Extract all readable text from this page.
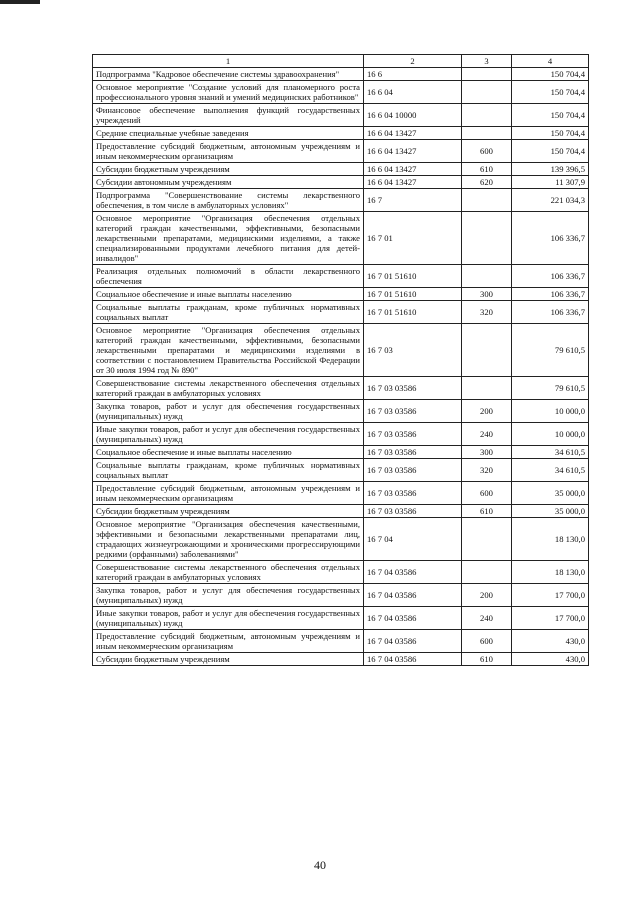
1	2	3	4
Подпрограмма "Кадровое обеспечение системы здравоохранения"	16 6		150 704,4
Основное мероприятие "Создание условий для планомерного роста профессионального уровня знаний и умений медицинских работников"	16 6 04		150 704,4
Финансовое обеспечение выполнения функций государственных учреждений	16 6 04 10000		150 704,4
Средние специальные учебные заведения	16 6 04 13427		150 704,4
Предоставление субсидий бюджетным, автономным учреждениям и иным некоммерческим организациям	16 6 04 13427	600	150 704,4
Субсидии бюджетным учреждениям	16 6 04 13427	610	139 396,5
Субсидии автономным учреждениям	16 6 04 13427	620	11 307,9
Подпрограмма "Совершенствование системы лекарственного обеспечения, в том числе в амбулаторных условиях"	16 7		221 034,3
Основное мероприятие "Организация обеспечения отдельных категорий граждан качественными, эффективными, безопасными лекарственными препаратами, медицинскими изделиями, а также специализированными продуктами лечебного питания для детей-инвалидов"	16 7 01		106 336,7
Реализация отдельных полномочий в области лекарственного обеспечения	16 7 01 51610		106 336,7
Социальное обеспечение и иные выплаты населению	16 7 01 51610	300	106 336,7
Социальные выплаты гражданам, кроме публичных нормативных социальных выплат	16 7 01 51610	320	106 336,7
Основное мероприятие "Организация обеспечения отдельных категорий граждан качественными, эффективными, безопасными лекарственными препаратами и медицинскими изделиями в соответствии с постановлением Правительства Российской Федерации от 30 июля 1994 год № 890"	16 7 03		79 610,5
Совершенствование системы лекарственного обеспечения отдельных категорий граждан в амбулаторных условиях	16 7 03 03586		79 610,5
Закупка товаров, работ и услуг для обеспечения государственных (муниципальных) нужд	16 7 03 03586	200	10 000,0
Иные закупки товаров, работ и услуг для обеспечения государственных (муниципальных) нужд	16 7 03 03586	240	10 000,0
Социальное обеспечение и иные выплаты населению	16 7 03 03586	300	34 610,5
Социальные выплаты гражданам, кроме публичных нормативных социальных выплат	16 7 03 03586	320	34 610,5
Предоставление субсидий бюджетным, автономным учреждениям и иным некоммерческим организациям	16 7 03 03586	600	35 000,0
Субсидии бюджетным учреждениям	16 7 03 03586	610	35 000,0
Основное мероприятие "Организация обеспечения качественными, эффективными и безопасными лекарственными препаратами лиц, страдающих жизнеугрожающими и хроническими прогрессирующими редкими (орфанными) заболеваниями"	16 7 04		18 130,0
Совершенствование системы лекарственного обеспечения отдельных категорий граждан в амбулаторных условиях	16 7 04 03586		18 130,0
Закупка товаров, работ и услуг для обеспечения государственных (муниципальных) нужд	16 7 04 03586	200	17 700,0
Иные закупки товаров, работ и услуг для обеспечения государственных (муниципальных) нужд	16 7 04 03586	240	17 700,0
Предоставление субсидий бюджетным, автономным учреждениям и иным некоммерческим организациям	16 7 04 03586	600	430,0
Субсидии бюджетным учреждениям	16 7 04 03586	610	430,0
40
